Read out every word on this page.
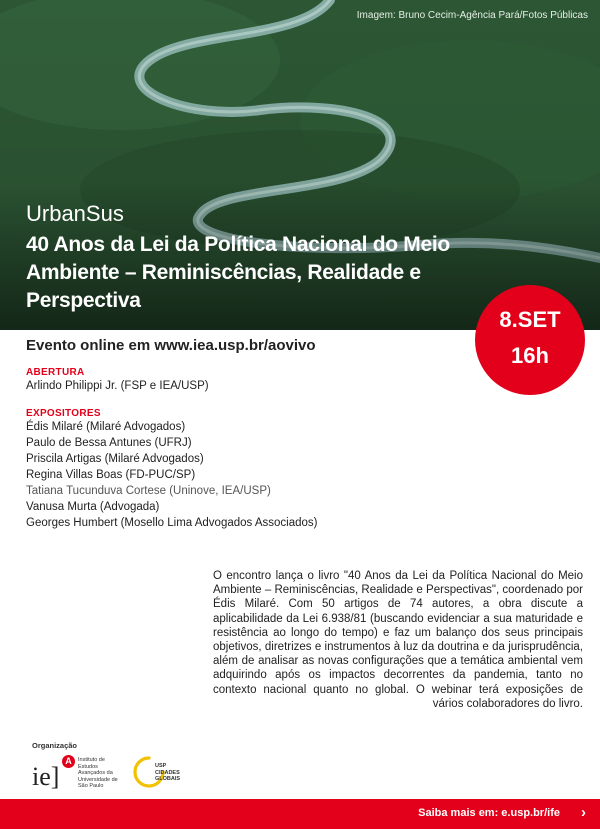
Imagem: Bruno Cecim-Agência Pará/Fotos Públicas
UrbanSus
40 Anos da Lei da Política Nacional do Meio Ambiente – Reminiscências, Realidade e Perspectiva
8.SET
16h
Evento online em www.iea.usp.br/aovivo
ABERTURA
Arlindo Philippi Jr. (FSP e IEA/USP)
EXPOSITORES
Édis Milaré (Milaré Advogados)
Paulo de Bessa Antunes (UFRJ)
Priscila Artigas (Milaré Advogados)
Regina Villas Boas (FD-PUC/SP)
Tatiana Tucunduva Cortese (Uninove, IEA/USP)
Vanusa Murta (Advogada)
Georges Humbert (Mosello Lima Advogados Associados)
O encontro lança o livro "40 Anos da Lei da Política Nacional do Meio Ambiente – Reminiscências, Realidade e Perspectivas", coordenado por Édis Milaré. Com 50 artigos de 74 autores, a obra discute a aplicabilidade da Lei 6.938/81 (buscando evidenciar a sua maturidade e resistência ao longo do tempo) e faz um balanço dos seus principais objetivos, diretrizes e instrumentos à luz da doutrina e da jurisprudência, além de analisar as novas configurações que a temática ambiental vem adquirindo após os impactos decorrentes da pandemia, tanto no contexto nacional quanto no global. O webinar terá exposições de vários colaboradores do livro.
Organização
ie]
A	Instituto de
Estudos
Avançados da
Universidade de
São Paulo
USP
CIDADES
GLOBAIS
Saiba mais em: e.usp.br/ife ›
